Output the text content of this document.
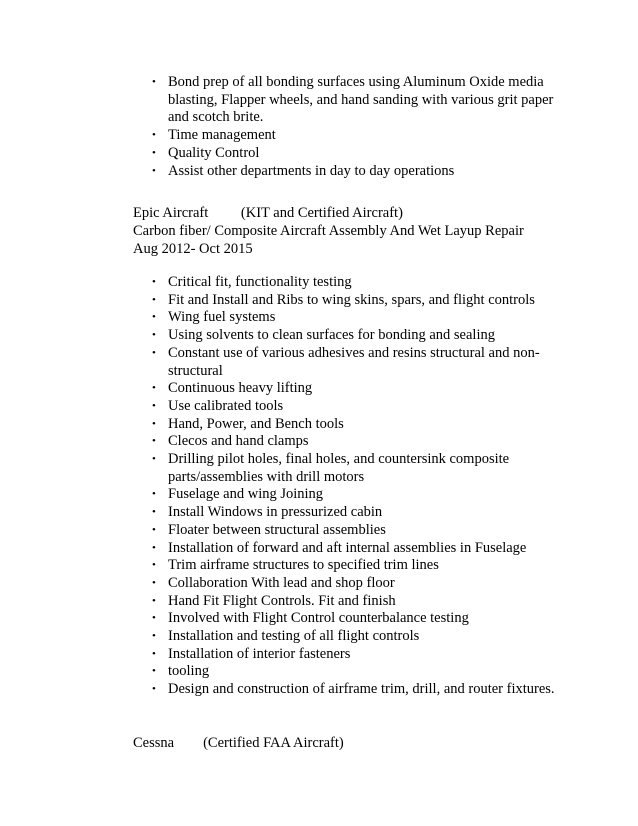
• Bond prep of all bonding surfaces using Aluminum Oxide media blasting, Flapper wheels, and hand sanding with various grit paper and scotch brite.
• Time management
• Quality Control
• Assist other departments in day to day operations
Epic Aircraft         (KIT and Certified Aircraft)
Carbon fiber/ Composite Aircraft Assembly And Wet Layup Repair
Aug 2012- Oct 2015
• Critical fit, functionality testing
• Fit and Install and Ribs to wing skins, spars, and flight controls
• Wing fuel systems
• Using solvents to clean surfaces for bonding and sealing
• Constant use of various adhesives and resins structural and non-structural
• Continuous heavy lifting
• Use calibrated tools
• Hand, Power, and Bench tools
• Clecos and hand clamps
• Drilling pilot holes, final holes, and countersink composite parts/assemblies with drill motors
• Fuselage and wing Joining
• Install Windows in pressurized cabin
• Floater between structural assemblies
• Installation of forward and aft internal assemblies in Fuselage
• Trim airframe structures to specified trim lines
• Collaboration With lead and shop floor
• Hand Fit Flight Controls. Fit and finish
• Involved with Flight Control counterbalance testing
• Installation and testing of all flight controls
• Installation of interior fasteners
• tooling
• Design and construction of airframe trim, drill, and router fixtures.
Cessna        (Certified FAA Aircraft)
